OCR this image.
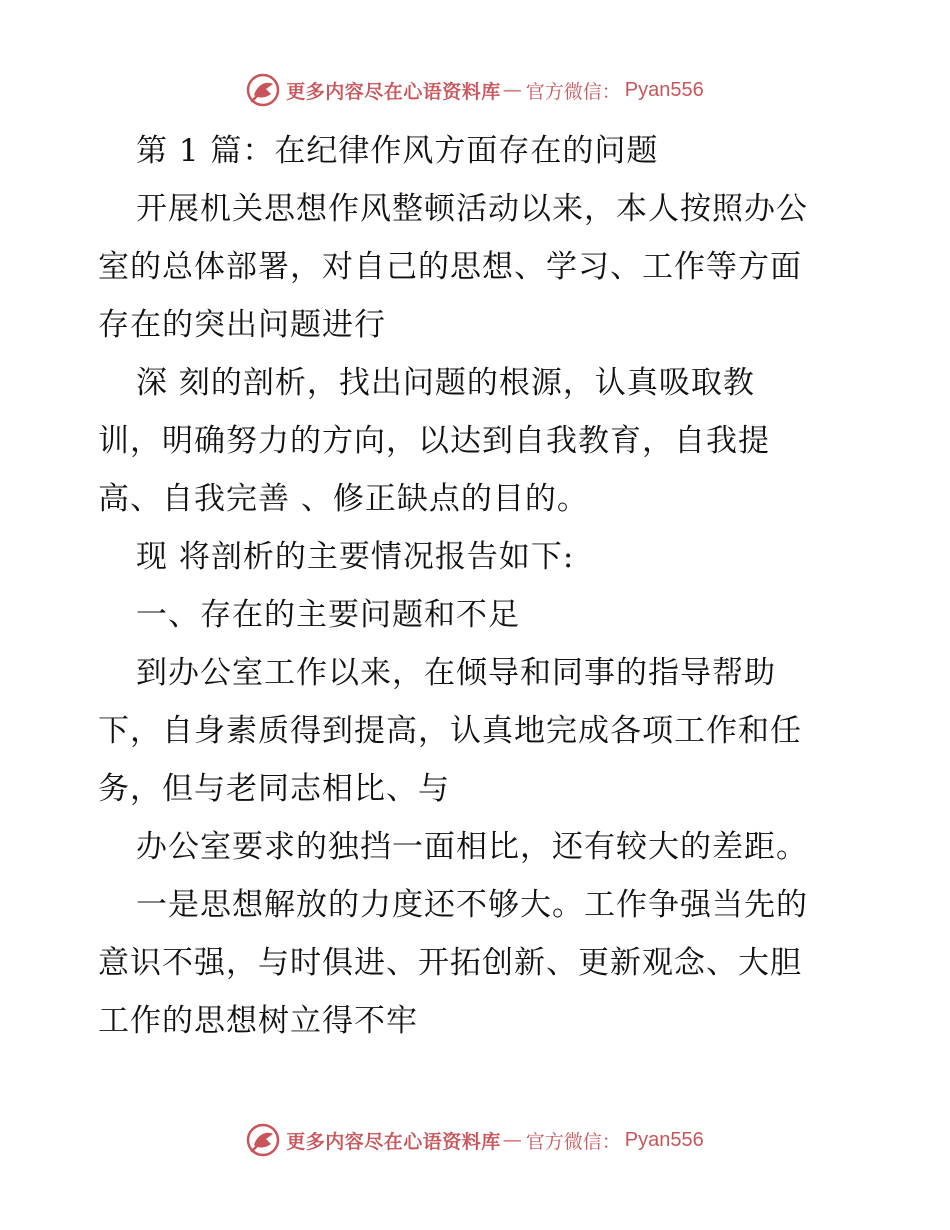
更多内容尽在心语资料库 — 官方微信： Pyan556
第 1 篇：在纪律作风方面存在的问题
开展机关思想作风整顿活动以来，本人按照办公
室的总体部署，对自己的思想、学习、工作等方面
存在的突出问题进行
深 刻的剖析，找出问题的根源，认真吸取教
训，明确努力的方向，以达到自我教育，自我提
高、自我完善 、修正缺点的目的。
现 将剖析的主要情况报告如下:
一、存在的主要问题和不足
到办公室工作以来，在倾导和同事的指导帮助
下，自身素质得到提高，认真地完成各项工作和任
务，但与老同志相比、与
办公室要求的独挡一面相比，还有较大的差距。
一是思想解放的力度还不够大。工作争强当先的
意识不强，与时俱进、开拓创新、更新观念、大胆
工作的思想树立得不牢
更多内容尽在心语资料库 — 官方微信： Pyan556
